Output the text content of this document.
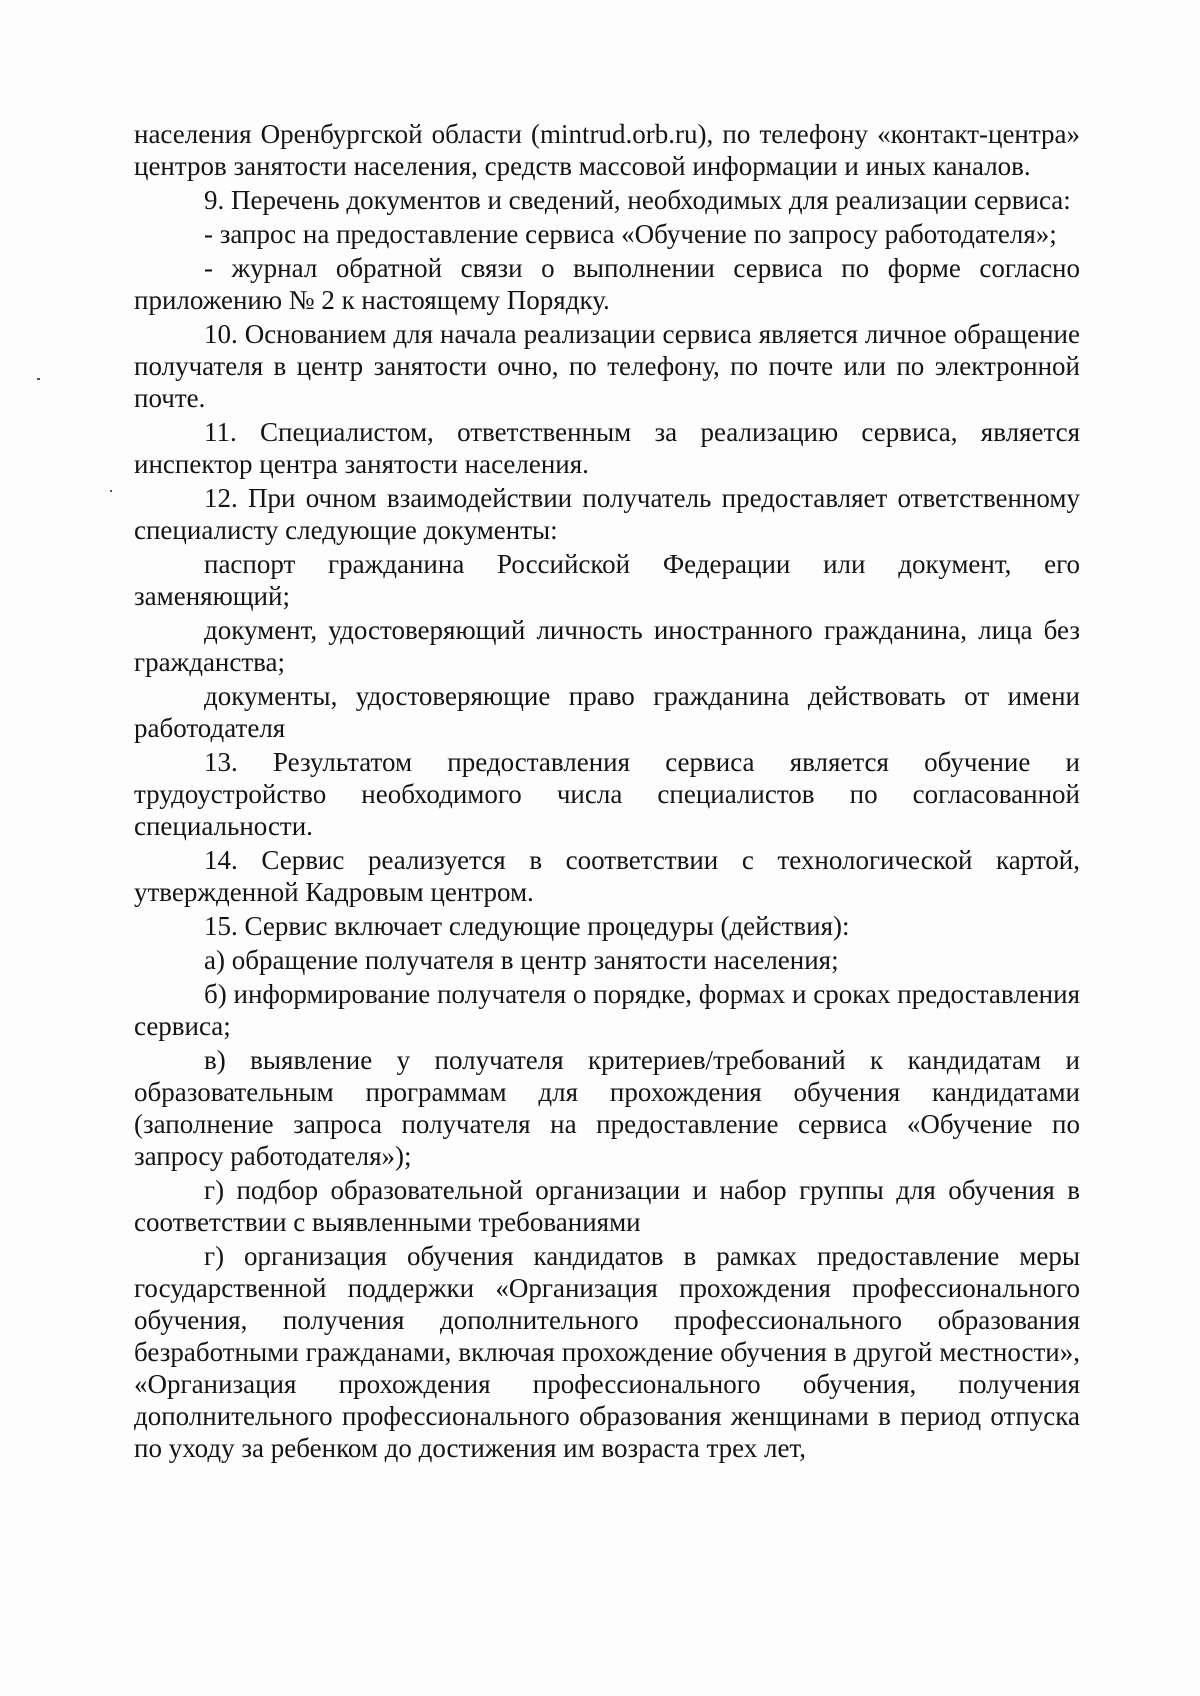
населения Оренбургской области (mintrud.orb.ru), по телефону «контакт-центра» центров занятости населения, средств массовой информации и иных каналов.

9. Перечень документов и сведений, необходимых для реализации сервиса:

- запрос на предоставление сервиса «Обучение по запросу работодателя»;

- журнал обратной связи о выполнении сервиса по форме согласно приложению № 2 к настоящему Порядку.

10. Основанием для начала реализации сервиса является личное обращение получателя в центр занятости очно, по телефону, по почте или по электронной почте.

11. Специалистом, ответственным за реализацию сервиса, является инспектор центра занятости населения.

12. При очном взаимодействии получатель предоставляет ответственному специалисту следующие документы:

паспорт гражданина Российской Федерации или документ, его заменяющий;

документ, удостоверяющий личность иностранного гражданина, лица без гражданства;

документы, удостоверяющие право гражданина действовать от имени работодателя

13. Результатом предоставления сервиса является обучение и трудоустройство необходимого числа специалистов по согласованной специальности.

14. Сервис реализуется в соответствии с технологической картой, утвержденной Кадровым центром.

15. Сервис включает следующие процедуры (действия):

а) обращение получателя в центр занятости населения;

б) информирование получателя о порядке, формах и сроках предоставления сервиса;

в) выявление у получателя критериев/требований к кандидатам и образовательным программам для прохождения обучения кандидатами (заполнение запроса получателя на предоставление сервиса «Обучение по запросу работодателя»);

г) подбор образовательной организации и набор группы для обучения в соответствии с выявленными требованиями

г) организация обучения кандидатов в рамках предоставление меры государственной поддержки «Организация прохождения профессионального обучения, получения дополнительного профессионального образования безработными гражданами, включая прохождение обучения в другой местности», «Организация прохождения профессионального обучения, получения дополнительного профессионального образования женщинами в период отпуска по уходу за ребенком до достижения им возраста трех лет,
